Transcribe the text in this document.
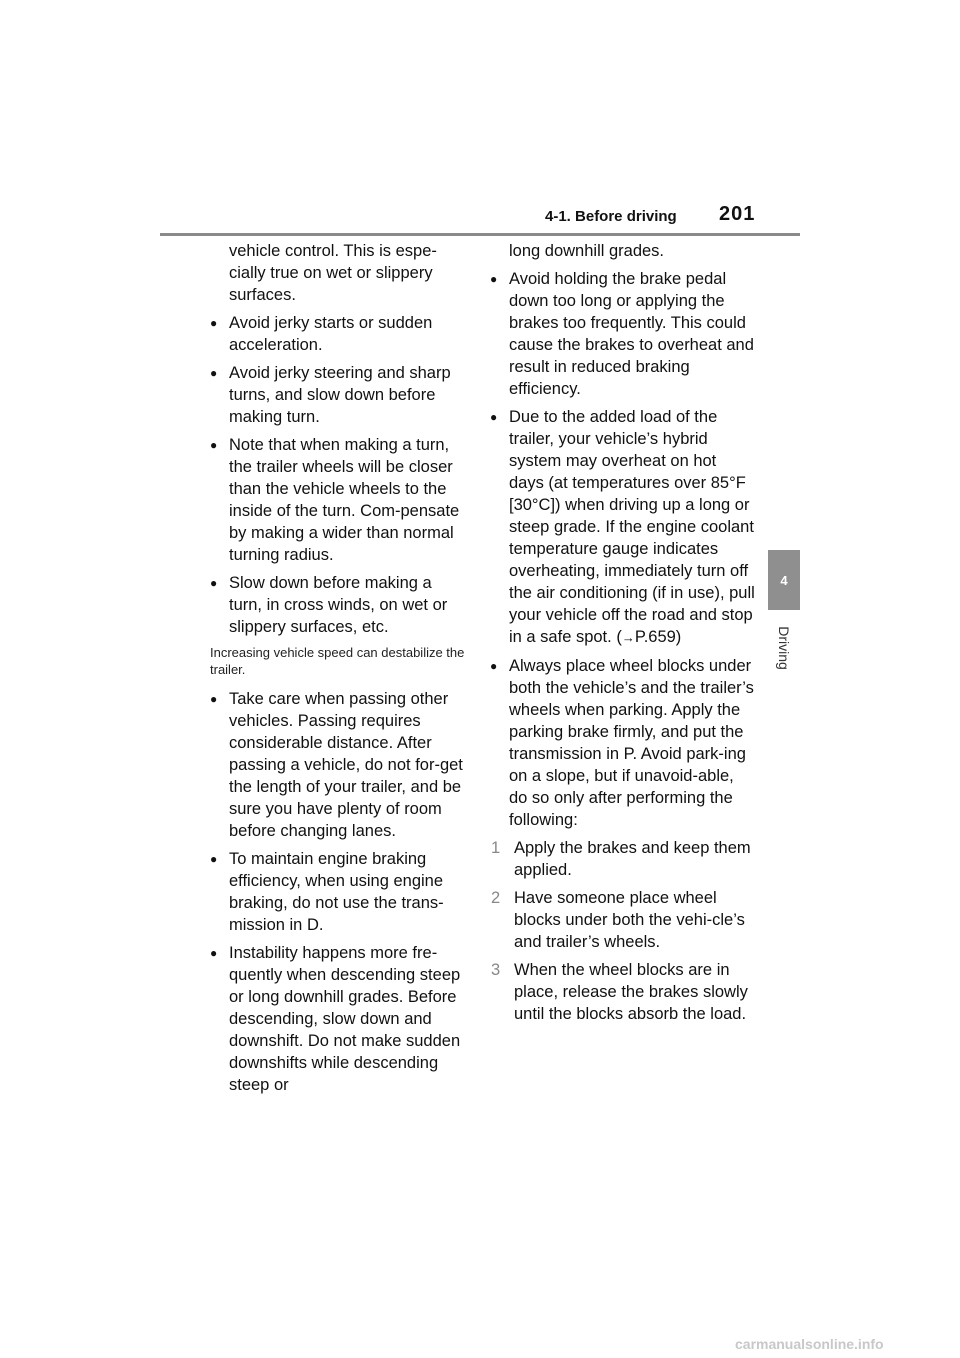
4-1. Before driving 201
4
Driving
vehicle control. This is espe-cially true on wet or slippery surfaces.
● Avoid jerky starts or sudden acceleration.
● Avoid jerky steering and sharp turns, and slow down before making turn.
● Note that when making a turn, the trailer wheels will be closer than the vehicle wheels to the inside of the turn. Com-pensate by making a wider than normal turning radius.
● Slow down before making a turn, in cross winds, on wet or slippery surfaces, etc.
Increasing vehicle speed can destabilize the trailer.
● Take care when passing other vehicles. Passing requires considerable distance. After passing a vehicle, do not for-get the length of your trailer, and be sure you have plenty of room before changing lanes.
● To maintain engine braking efficiency, when using engine braking, do not use the trans-mission in D.
● Instability happens more fre-quently when descending steep or long downhill grades. Before descending, slow down and downshift. Do not make sudden downshifts while descending steep or
long downhill grades.
● Avoid holding the brake pedal down too long or applying the brakes too frequently. This could cause the brakes to overheat and result in reduced braking efficiency.
● Due to the added load of the trailer, your vehicle’s hybrid system may overheat on hot days (at temperatures over 85°F [30°C]) when driving up a long or steep grade. If the engine coolant temperature gauge indicates overheating, immediately turn off the air conditioning (if in use), pull your vehicle off the road and stop in a safe spot. (→P.659)
● Always place wheel blocks under both the vehicle’s and the trailer’s wheels when parking. Apply the parking brake firmly, and put the transmission in P. Avoid park-ing on a slope, but if unavoid-able, do so only after performing the following:
1 Apply the brakes and keep them applied.
2 Have someone place wheel blocks under both the vehi-cle’s and trailer’s wheels.
3 When the wheel blocks are in place, release the brakes slowly until the blocks absorb the load.
carmanualsonline.info
